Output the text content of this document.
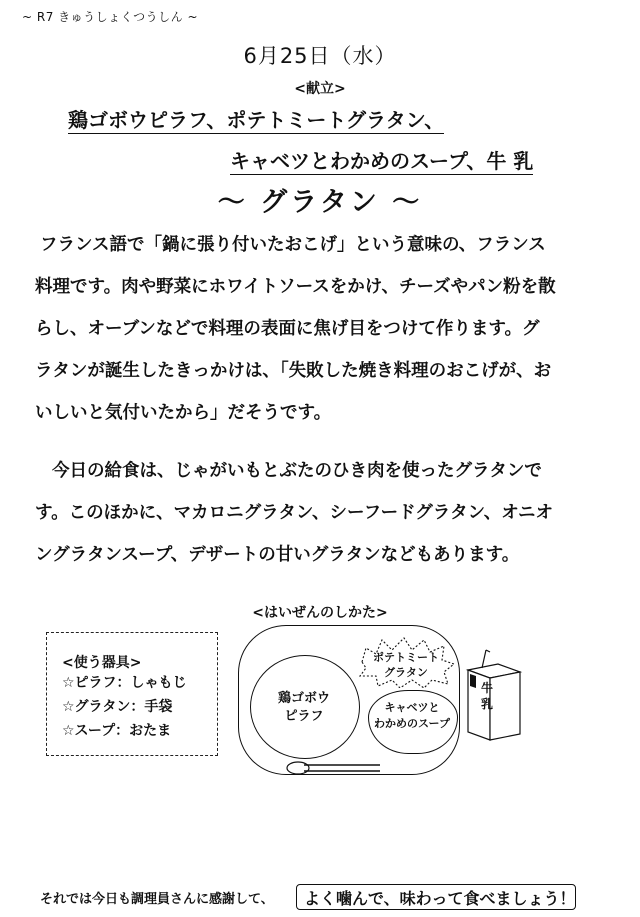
~ R7 きゅうしょくつうしん ~
6月25日（水）
<献立>
鶏ゴボウピラフ、ポテトミートグラタン、
キャベツとわかめのスープ、牛 乳
～ グラタン ～
フランス語で「鍋に張り付いたおこげ」という意味の、フランス
料理です。肉や野菜にホワイトソースをかけ、チーズやパン粉を散
らし、オーブンなどで料理の表面に焦げ目をつけて作ります。グ
ラタンが誕生したきっかけは、「失敗した焼き料理のおこげが、お
いしいと気付いたから」だそうです。
今日の給食は、じゃがいもとぶたのひき肉を使ったグラタンで
す。このほかに、マカロニグラタン、シーフードグラタン、オニオ
ングラタンスープ、デザートの甘いグラタンなどもあります。
<はいぜんのしかた>
<使う器具>
☆ピラフ：しゃもじ
☆グラタン：手袋
☆スープ：おたま
鶏ゴボウ
ピラフ
ポテトミート
グラタン
キャベツと
わかめのスープ
牛
乳
それでは今日も調理員さんに感謝して、 よく噛んで、味わって食べましょう！
